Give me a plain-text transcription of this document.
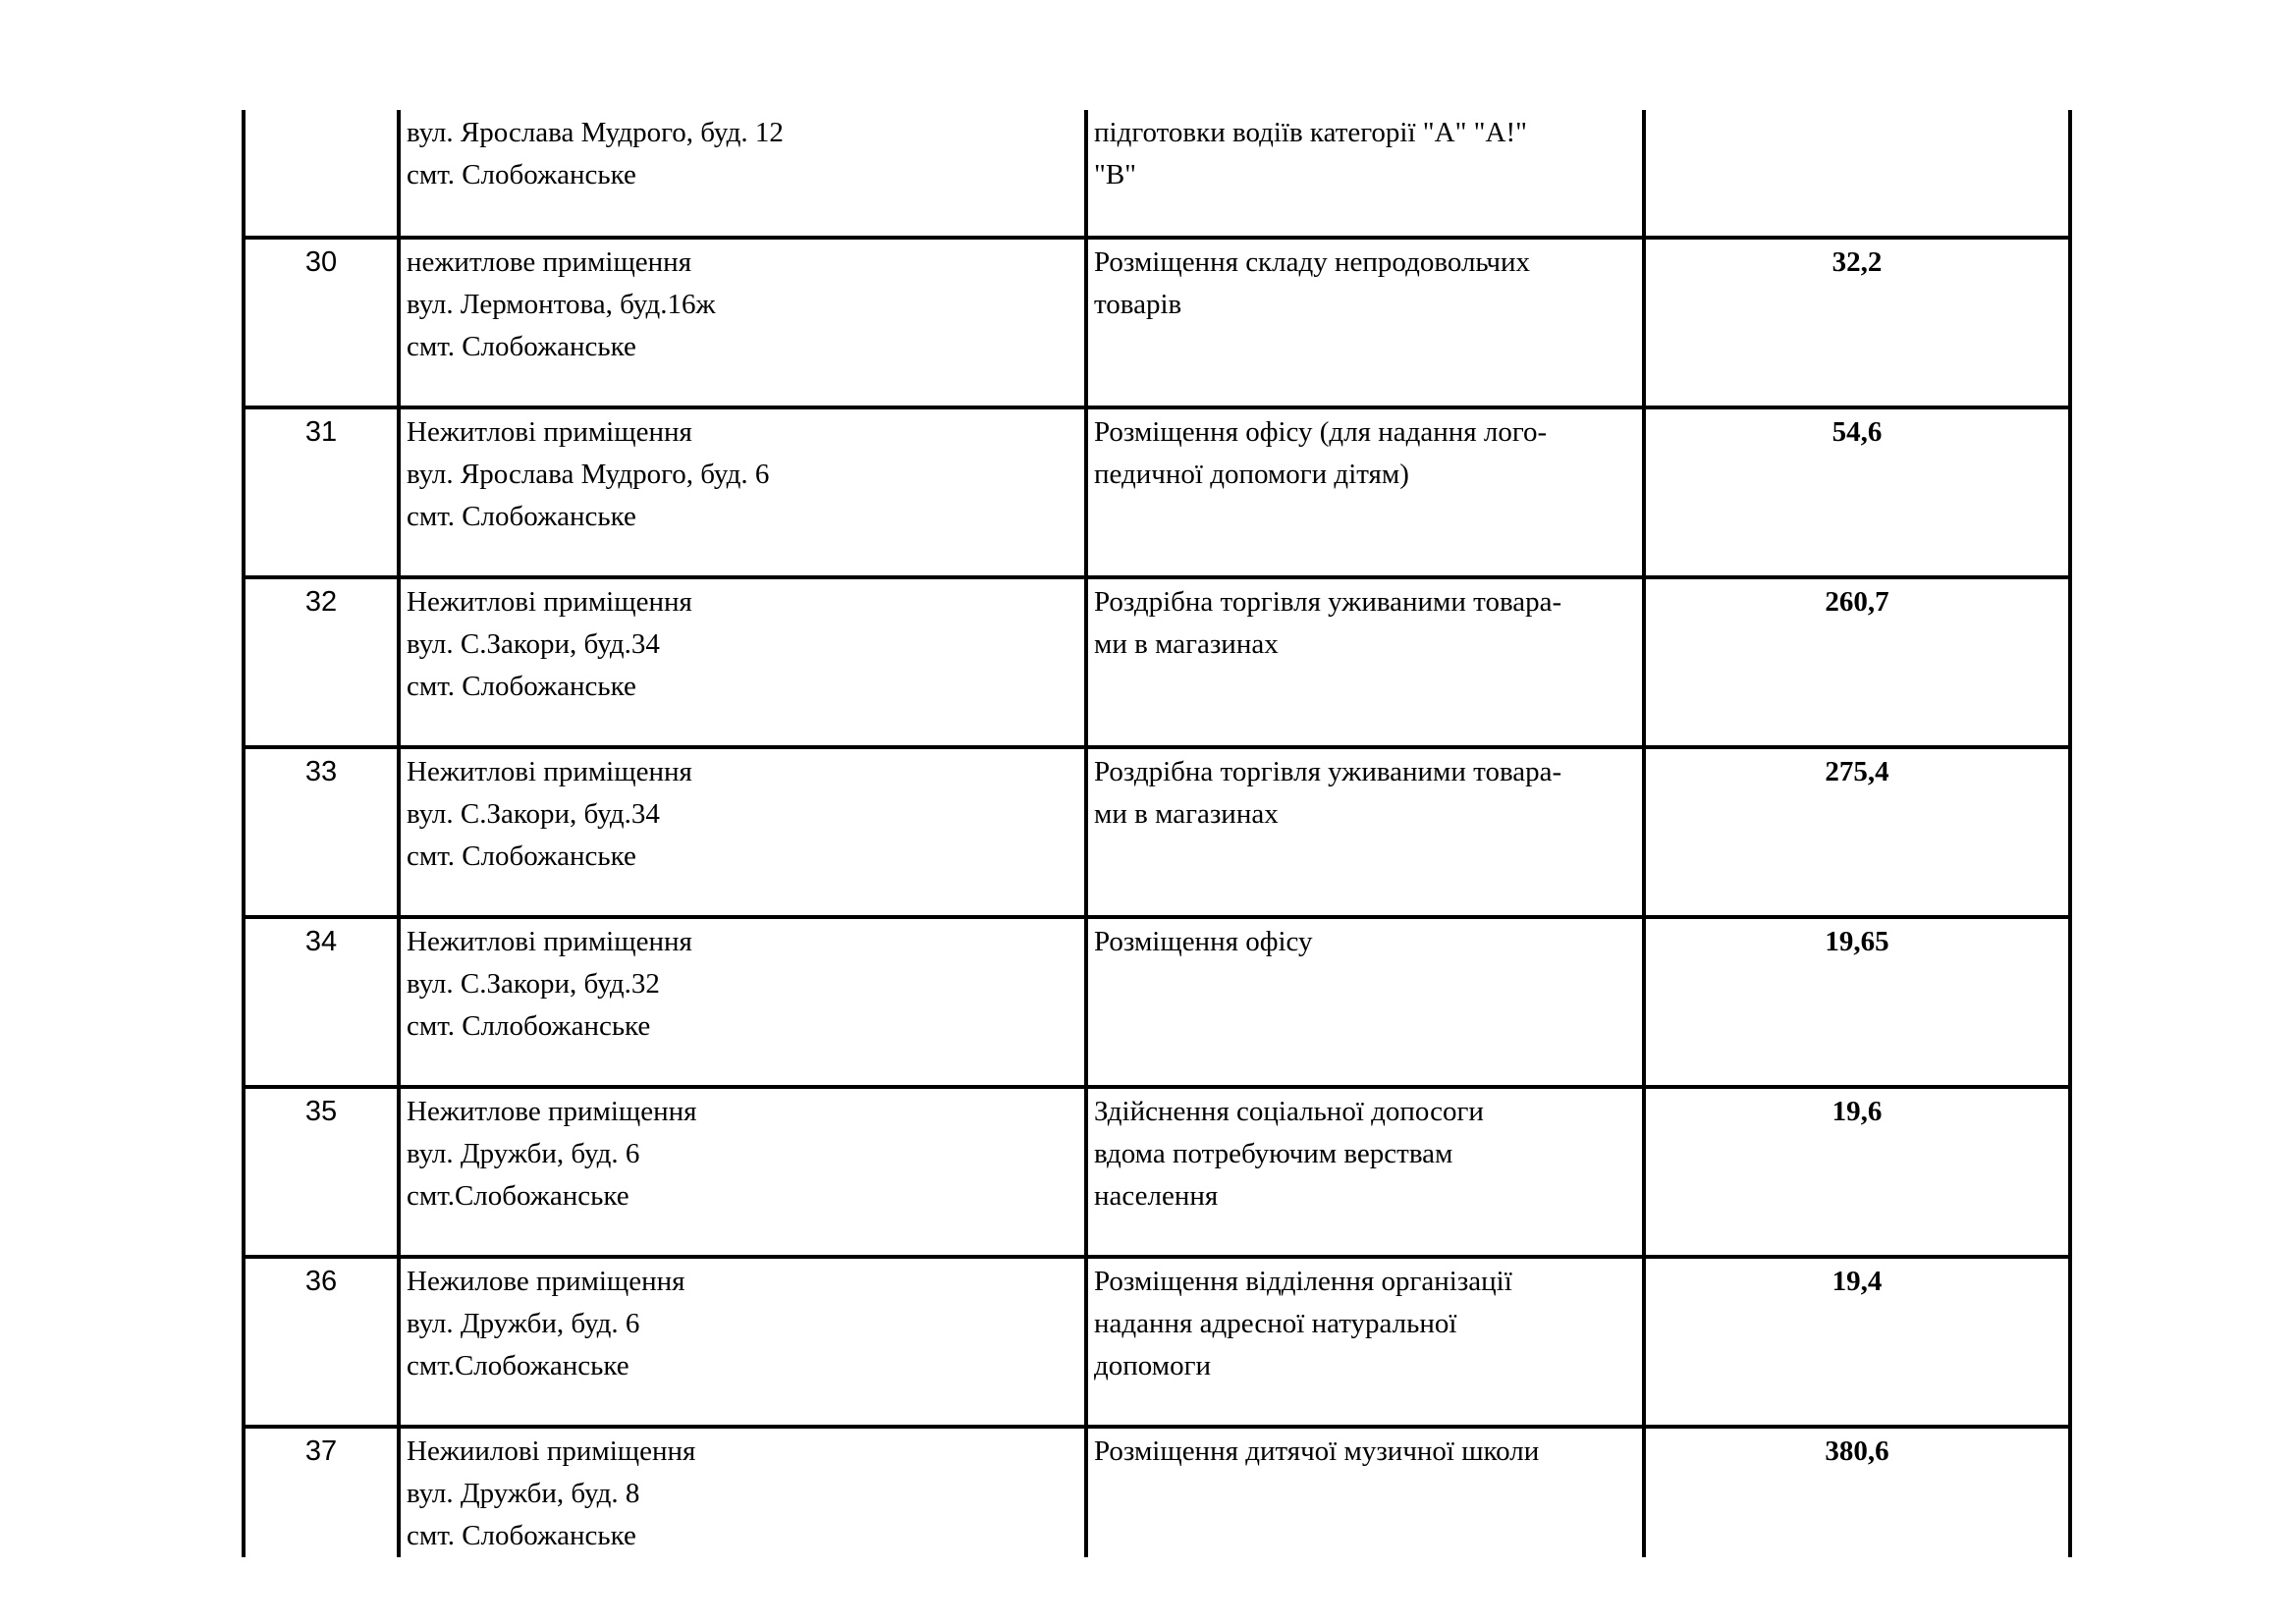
	вул. Ярослава Мудрого, буд. 12
смт. Слобожанське	підготовки водіїв категорії "А" "А!"
"В"	

30	нежитлове приміщення
вул. Лермонтова, буд.16ж
смт. Слобожанське	Розміщення складу непродовольчих
товарів	32,2

31	Нежитлові приміщення
вул. Ярослава Мудрого, буд. 6
смт. Слобожанське	Розміщення офісу (для надання лого-
педичної допомоги дітям)	54,6

32	Нежитлові приміщення
вул. С.Закори, буд.34
смт. Слобожанське	Роздрібна торгівля уживаними товара-
ми в магазинах	260,7

33	Нежитлові приміщення
вул. С.Закори, буд.34
смт. Слобожанське	Роздрібна торгівля уживаними товара-
ми в магазинах	275,4

34	Нежитлові приміщення
вул. С.Закори, буд.32
смт. Сллобожанське	Розміщення офісу	19,65

35	Нежитлове приміщення
вул. Дружби, буд. 6
смт.Слобожанське	Здійснення соціальної допосоги
вдома потребуючим верствам
населення	19,6

36	Нежилове приміщення
вул. Дружби, буд. 6
смт.Слобожанське	Розміщення відділення організації
надання адресної натуральної
допомоги	19,4

37	Нежиилові приміщення
вул. Дружби, буд. 8
смт. Слобожанське	Розміщення дитячої музичної школи	380,6
